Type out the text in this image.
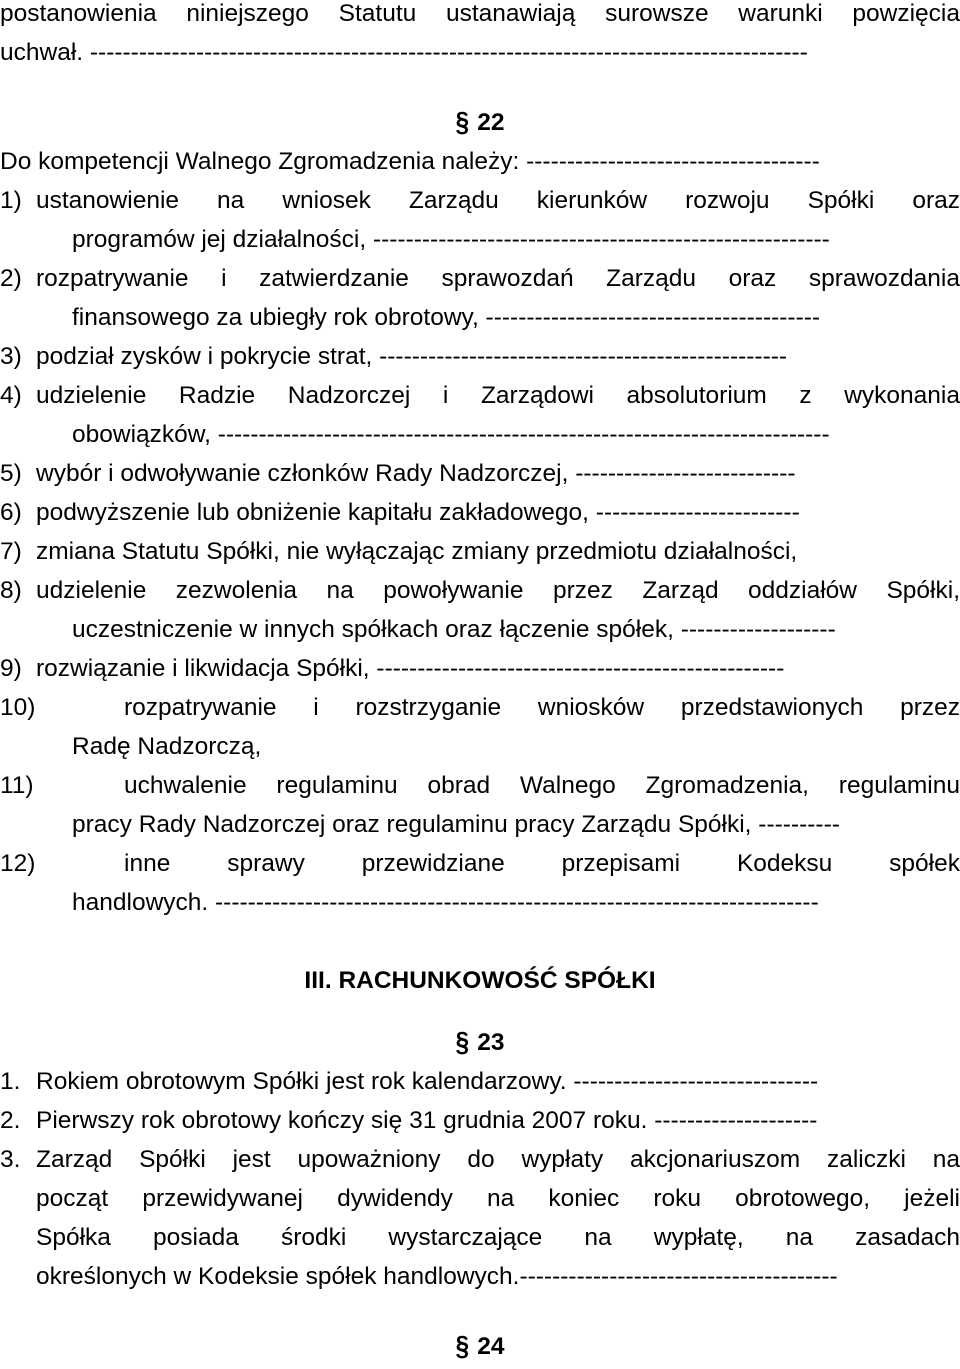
postanowienia niniejszego Statutu ustanawiają surowsze warunki powzięcia
uchwał. ----------------------------------------------------------------------------------------
§ 22
Do kompetencji Walnego Zgromadzenia należy: ------------------------------------
1) ustanowienie na wniosek Zarządu kierunków rozwoju Spółki oraz
programów jej działalności, --------------------------------------------------------
2) rozpatrywanie i zatwierdzanie sprawozdań Zarządu oraz sprawozdania
finansowego za ubiegły rok obrotowy, -----------------------------------------
3) podział zysków i pokrycie strat, --------------------------------------------------
4) udzielenie Radzie Nadzorczej i Zarządowi absolutorium z wykonania
obowiązków, ---------------------------------------------------------------------------
5) wybór i odwoływanie członków Rady Nadzorczej, ---------------------------
6) podwyższenie lub obniżenie kapitału zakładowego, -------------------------
7) zmiana Statutu Spółki, nie wyłączając zmiany przedmiotu działalności,
8) udzielenie zezwolenia na powoływanie przez Zarząd oddziałów Spółki,
uczestniczenie w innych spółkach oraz łączenie spółek, -------------------
9) rozwiązanie i likwidacja Spółki, --------------------------------------------------
10)	rozpatrywanie i rozstrzyganie wniosków przedstawionych przez
Radę Nadzorczą,
11)	uchwalenie regulaminu obrad Walnego Zgromadzenia, regulaminu
pracy Rady Nadzorczej oraz regulaminu pracy Zarządu Spółki, ----------
12)	inne sprawy przewidziane przepisami Kodeksu spółek
handlowych. --------------------------------------------------------------------------
III. RACHUNKOWOŚĆ SPÓŁKI
§ 23
1. Rokiem obrotowym Spółki jest rok kalendarzowy. ------------------------------
2. Pierwszy rok obrotowy kończy się 31 grudnia 2007 roku. --------------------
3. Zarząd Spółki jest upoważniony do wypłaty akcjonariuszom zaliczki na
począt przewidywanej dywidendy na koniec roku obrotowego, jeżeli
Spółka posiada środki wystarczające na wypłatę, na zasadach
określonych w Kodeksie spółek handlowych.---------------------------------------
§ 24
